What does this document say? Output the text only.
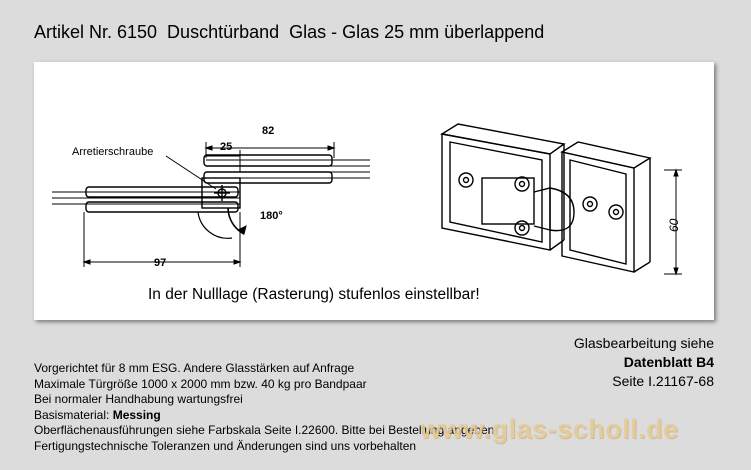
Artikel Nr. 6150  Duschtürband  Glas - Glas 25 mm überlappend
Arretierschraube
82
25
180°
97
60
In der Nulllage (Rasterung) stufenlos einstellbar!
Glasbearbeitung siehe
Datenblatt B4
Seite I.21167-68
Vorgerichtet für 8 mm ESG. Andere Glasstärken auf Anfrage
Maximale Türgröße 1000 x 2000 mm bzw. 40 kg pro Bandpaar
Bei normaler Handhabung wartungsfrei
Basismaterial: Messing
Oberflächenausführungen siehe Farbskala Seite I.22600. Bitte bei Bestellung angeben
Fertigungstechnische Toleranzen und Änderungen sind uns vorbehalten
www.glas-scholl.de
